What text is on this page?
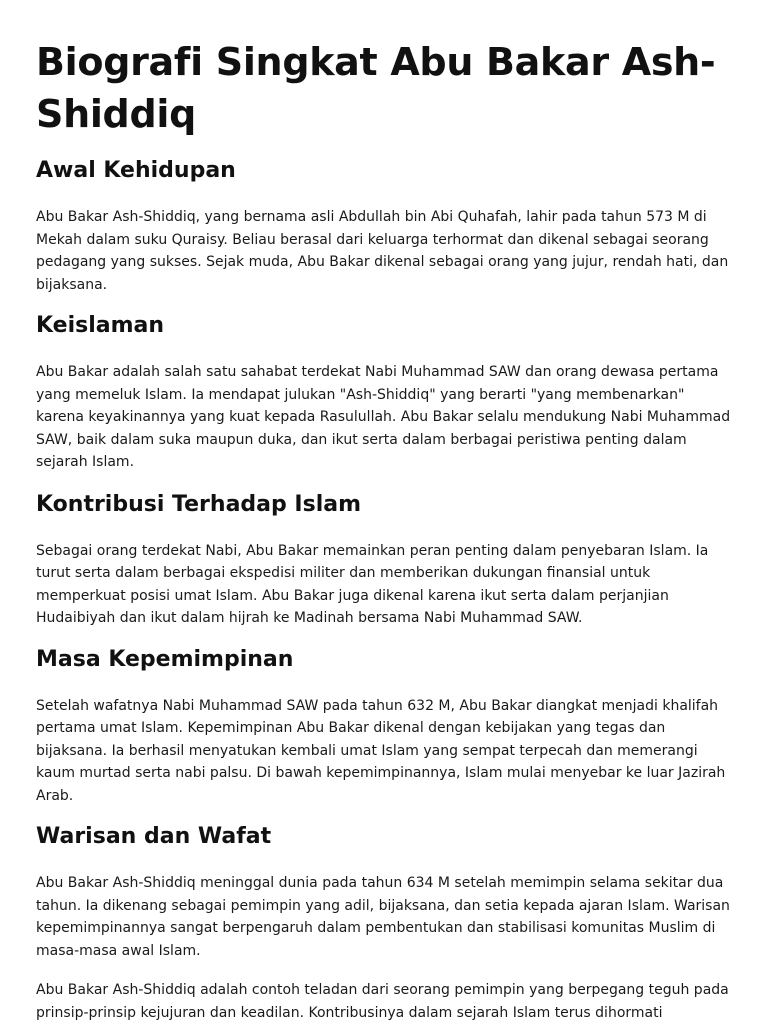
Biografi Singkat Abu Bakar Ash-Shiddiq
Awal Kehidupan

Abu Bakar Ash-Shiddiq, yang bernama asli Abdullah bin Abi Quhafah, lahir pada tahun 573 M di Mekah dalam suku Quraisy. Beliau berasal dari keluarga terhormat dan dikenal sebagai seorang pedagang yang sukses. Sejak muda, Abu Bakar dikenal sebagai orang yang jujur, rendah hati, dan bijaksana.

Keislaman

Abu Bakar adalah salah satu sahabat terdekat Nabi Muhammad SAW dan orang dewasa pertama yang memeluk Islam. Ia mendapat julukan "Ash-Shiddiq" yang berarti "yang membenarkan" karena keyakinannya yang kuat kepada Rasulullah. Abu Bakar selalu mendukung Nabi Muhammad SAW, baik dalam suka maupun duka, dan ikut serta dalam berbagai peristiwa penting dalam sejarah Islam.

Kontribusi Terhadap Islam

Sebagai orang terdekat Nabi, Abu Bakar memainkan peran penting dalam penyebaran Islam. Ia turut serta dalam berbagai ekspedisi militer dan memberikan dukungan finansial untuk memperkuat posisi umat Islam. Abu Bakar juga dikenal karena ikut serta dalam perjanjian Hudaibiyah dan ikut dalam hijrah ke Madinah bersama Nabi Muhammad SAW.

Masa Kepemimpinan

Setelah wafatnya Nabi Muhammad SAW pada tahun 632 M, Abu Bakar diangkat menjadi khalifah pertama umat Islam. Kepemimpinan Abu Bakar dikenal dengan kebijakan yang tegas dan bijaksana. Ia berhasil menyatukan kembali umat Islam yang sempat terpecah dan memerangi kaum murtad serta nabi palsu. Di bawah kepemimpinannya, Islam mulai menyebar ke luar Jazirah Arab.

Warisan dan Wafat

Abu Bakar Ash-Shiddiq meninggal dunia pada tahun 634 M setelah memimpin selama sekitar dua tahun. Ia dikenang sebagai pemimpin yang adil, bijaksana, dan setia kepada ajaran Islam. Warisan kepemimpinannya sangat berpengaruh dalam pembentukan dan stabilisasi komunitas Muslim di masa-masa awal Islam.

Abu Bakar Ash-Shiddiq adalah contoh teladan dari seorang pemimpin yang berpegang teguh pada prinsip-prinsip kejujuran dan keadilan. Kontribusinya dalam sejarah Islam terus dihormati
